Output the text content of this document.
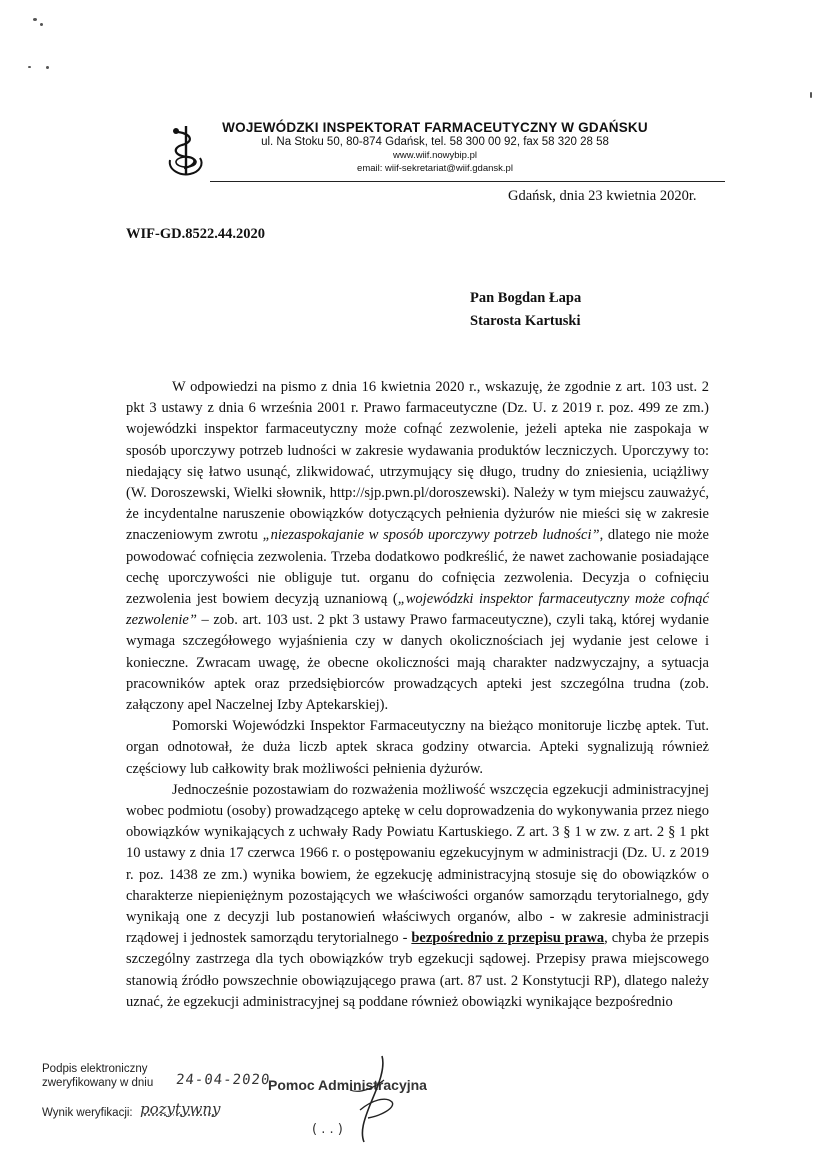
WOJEWÓDZKI INSPEKTORAT FARMACEUTYCZNY W GDAŃSKU
ul. Na Stoku 50, 80-874 Gdańsk, tel. 58 300 00 92, fax 58 320 28 58
www.wiif.nowybip.pl
email: wiif-sekretariat@wiif.gdansk.pl
Gdańsk, dnia 23 kwietnia 2020r.
WIF-GD.8522.44.2020
Pan Bogdan Łapa
Starosta Kartuski

W odpowiedzi na pismo z dnia 16 kwietnia 2020 r., wskazuję, że zgodnie z art. 103 ust. 2 pkt 3 ustawy z dnia 6 września 2001 r. Prawo farmaceutyczne (Dz. U. z 2019 r. poz. 499 ze zm.) wojewódzki inspektor farmaceutyczny może cofnąć zezwolenie, jeżeli apteka nie zaspokaja w sposób uporczywy potrzeb ludności w zakresie wydawania produktów leczniczych. Uporczywy to: niedający się łatwo usunąć, zlikwidować, utrzymujący się długo, trudny do zniesienia, uciążliwy (W. Doroszewski, Wielki słownik, http://sjp.pwn.pl/doroszewski). Należy w tym miejscu zauważyć, że incydentalne naruszenie obowiązków dotyczących pełnienia dyżurów nie mieści się w zakresie znaczeniowym zwrotu „niezaspokajanie w sposób uporczywy potrzeb ludności”, dlatego nie może powodować cofnięcia zezwolenia. Trzeba dodatkowo podkreślić, że nawet zachowanie posiadające cechę uporczywości nie obliguje tut. organu do cofnięcia zezwolenia. Decyzja o cofnięciu zezwolenia jest bowiem decyzją uznaniową („wojewódzki inspektor farmaceutyczny może cofnąć zezwolenie” – zob. art. 103 ust. 2 pkt 3 ustawy Prawo farmaceutyczne), czyli taką, której wydanie wymaga szczegółowego wyjaśnienia czy w danych okolicznościach jej wydanie jest celowe i konieczne. Zwracam uwagę, że obecne okoliczności mają charakter nadzwyczajny, a sytuacja pracowników aptek oraz przedsiębiorców prowadzących apteki jest szczególna trudna (zob. załączony apel Naczelnej Izby Aptekarskiej).

Pomorski Wojewódzki Inspektor Farmaceutyczny na bieżąco monitoruje liczbę aptek. Tut. organ odnotował, że duża liczb aptek skraca godziny otwarcia. Apteki sygnalizują również częściowy lub całkowity brak możliwości pełnienia dyżurów.

Jednocześnie pozostawiam do rozważenia możliwość wszczęcia egzekucji administracyjnej wobec podmiotu (osoby) prowadzącego aptekę w celu doprowadzenia do wykonywania przez niego obowiązków wynikających z uchwały Rady Powiatu Kartuskiego. Z art. 3 § 1 w zw. z art. 2 § 1 pkt 10 ustawy z dnia 17 czerwca 1966 r. o postępowaniu egzekucyjnym w administracji (Dz. U. z 2019 r. poz. 1438 ze zm.) wynika bowiem, że egzekucję administracyjną stosuje się do obowiązków o charakterze niepieniężnym pozostających we właściwości organów samorządu terytorialnego, gdy wynikają one z decyzji lub postanowień właściwych organów, albo - w zakresie administracji rządowej i jednostek samorządu terytorialnego - bezpośrednio z przepisu prawa, chyba że przepis szczególny zastrzega dla tych obowiązków tryb egzekucji sądowej. Przepisy prawa miejscowego stanowią źródło powszechnie obowiązującego prawa (art. 87 ust. 2 Konstytucji RP), dlatego należy uznać, że egzekucji administracyjnej są poddane również obowiązki wynikające bezpośrednio

Podpis elektroniczny
zweryfikowany w dniu 24-04-2020
Pomoc Administracyjna
Wynik weryfikacji: pozytywny
( . . )
